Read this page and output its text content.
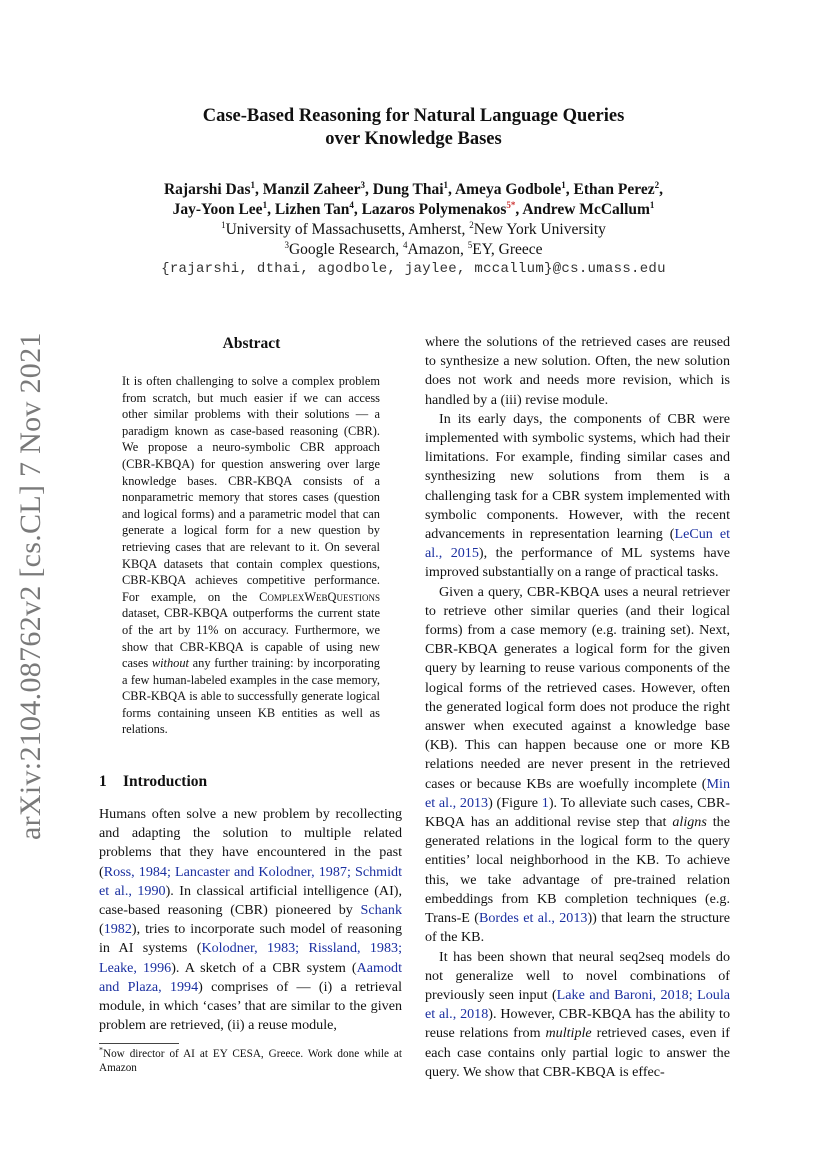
Case-Based Reasoning for Natural Language Queries
over Knowledge Bases
Rajarshi Das$^1$, Manzil Zaheer$^3$, Dung Thai$^1$, Ameya Godbole$^1$, Ethan Perez$^2$,
Jay-Yoon Lee$^1$, Lizhen Tan$^4$, Lazaros Polymenakos$^{5*}$, Andrew McCallum$^1$
$^1$University of Massachusetts, Amherst, $^2$New York University
$^3$Google Research, $^4$Amazon, $^5$EY, Greece
{rajarshi, dthai, agodbole, jaylee, mccallum}@cs.umass.edu
arXiv:2104.08762v2 [cs.CL] 7 Nov 2021	Abstract
It is often challenging to solve a complex problem from scratch, but much easier if we can access other similar problems with their solutions — a paradigm known as case-based reasoning (CBR). We propose a neuro-symbolic CBR approach (CBR-KBQA) for question answering over large knowledge bases. CBR-KBQA consists of a nonparametric memory that stores cases (question and logical forms) and a parametric model that can generate a logical form for a new question by retrieving cases that are relevant to it. On several KBQA datasets that contain complex questions, CBR-KBQA achieves competitive performance. For example, on the ComplexWebQuestions dataset, CBR-KBQA outperforms the current state of the art by 11% on accuracy. Furthermore, we show that CBR-KBQA is capable of using new cases without any further training: by incorporating a few human-labeled examples in the case memory, CBR-KBQA is able to successfully generate logical forms containing unseen KB entities as well as relations.
1 Introduction
Humans often solve a new problem by recollecting and adapting the solution to multiple related problems that they have encountered in the past (Ross, 1984; Lancaster and Kolodner, 1987; Schmidt et al., 1990). In classical artificial intelligence (AI), case-based reasoning (CBR) pioneered by Schank (1982), tries to incorporate such model of reasoning in AI systems (Kolodner, 1983; Rissland, 1983; Leake, 1996). A sketch of a CBR system (Aamodt and Plaza, 1994) comprises of — (i) a retrieval module, in which ‘cases’ that are similar to the given problem are retrieved, (ii) a reuse module,
*Now director of AI at EY CESA, Greece. Work done while at Amazon

where the solutions of the retrieved cases are reused to synthesize a new solution. Often, the new solution does not work and needs more revision, which is handled by a (iii) revise module.

In its early days, the components of CBR were implemented with symbolic systems, which had their limitations. For example, finding similar cases and synthesizing new solutions from them is a challenging task for a CBR system implemented with symbolic components. However, with the recent advancements in representation learning (LeCun et al., 2015), the performance of ML systems have improved substantially on a range of practical tasks.

Given a query, CBR-KBQA uses a neural retriever to retrieve other similar queries (and their logical forms) from a case memory (e.g. training set). Next, CBR-KBQA generates a logical form for the given query by learning to reuse various components of the logical forms of the retrieved cases. However, often the generated logical form does not produce the right answer when executed against a knowledge base (KB). This can happen because one or more KB relations needed are never present in the retrieved cases or because KBs are woefully incomplete (Min et al., 2013) (Figure 1). To alleviate such cases, CBR-KBQA has an additional revise step that aligns the generated relations in the logical form to the query entities’ local neighborhood in the KB. To achieve this, we take advantage of pre-trained relation embeddings from KB completion techniques (e.g. Trans-E (Bordes et al., 2013)) that learn the structure of the KB.

It has been shown that neural seq2seq models do not generalize well to novel combinations of previously seen input (Lake and Baroni, 2018; Loula et al., 2018). However, CBR-KBQA has the ability to reuse relations from multiple retrieved cases, even if each case contains only partial logic to answer the query. We show that CBR-KBQA is effec-
